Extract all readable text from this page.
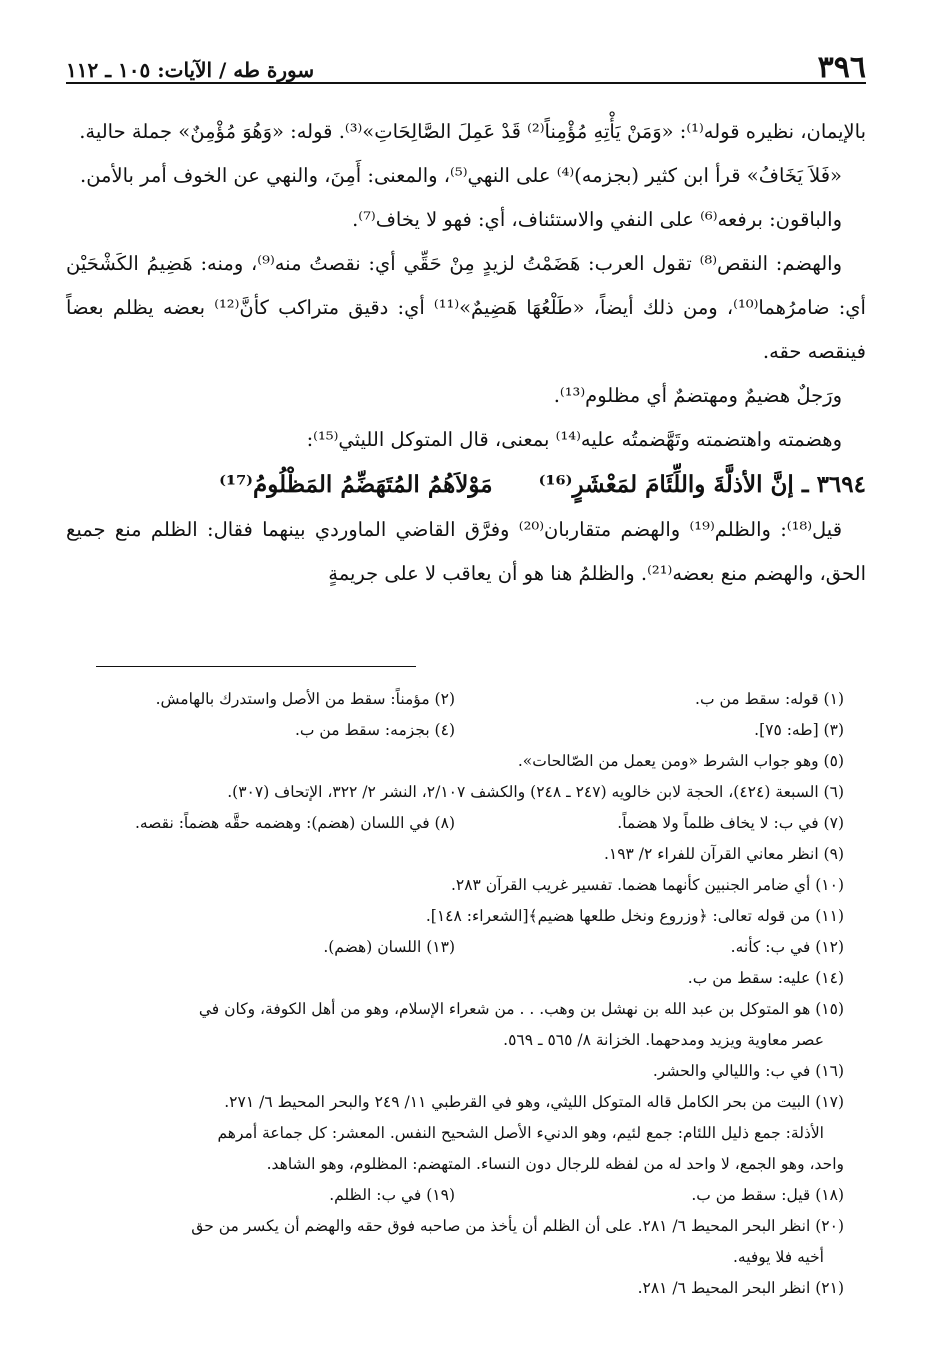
٣٩٦
سورة طه / الآيات: ١٠٥ ـ ١١٢

بالإيمان، نظيره قوله⁽¹⁾: «وَمَنْ يَأْتِهِ مُؤْمِناً⁽²⁾ قَدْ عَمِلَ الصَّالِحَاتِ»⁽³⁾. قوله: «وَهُوَ مُؤْمِنٌ» جملة حالية.

«فَلاَ يَخَافُ» قرأ ابن كثير (بجزمه)⁽⁴⁾ على النهي⁽⁵⁾، والمعنى: أَمِنَ، والنهي عن الخوف أمر بالأمن.

والباقون: برفعه⁽⁶⁾ على النفي والاستئناف، أي: فهو لا يخاف⁽⁷⁾.

والهضم: النقص⁽⁸⁾ تقول العرب: هَضَمْتُ لزيدٍ مِنْ حَقِّي أي: نقصتُ منه⁽⁹⁾، ومنه: هَضِيمُ الكَشْحَيْن أي: ضامرُهما⁽¹⁰⁾، ومن ذلك أيضاً، «طَلْعُهَا هَضِيمٌ»⁽¹¹⁾ أي: دقيق متراكب كأنَّ⁽¹²⁾ بعضه يظلم بعضاً فينقصه حقه.

ورَجلٌ هضيمٌ ومهتضمٌ أي مظلوم⁽¹³⁾.

وهضمته واهتضمته وتَهَّضمتُه عليه⁽¹⁴⁾ بمعنى، قال المتوكل الليثي⁽¹⁵⁾:

٣٦٩٤ ـ إنَّ الأذلَّةَ واللِّئَامَ لمَعْشَرٍ⁽¹⁶⁾  مَوْلاَهُمُ المُتَهَضِّمُ المَظْلُومُ⁽¹⁷⁾

قيل⁽¹⁸⁾: والظلم⁽¹⁹⁾ والهضم متقاربان⁽²⁰⁾ وفرَّق القاضي الماوردي بينهما فقال: الظلم منع جميع الحق، والهضم منع بعضه⁽²¹⁾. والظلمُ هنا هو أن يعاقب لا على جريمةٍ

(١) قوله: سقط من ب.
(٢) مؤمناً: سقط من الأصل واستدرك بالهامش.
(٣) [طه: ٧٥].
(٤) بجزمه: سقط من ب.

(٥) وهو جواب الشرط «ومن يعمل من الصّالحات».

(٦) السبعة (٤٢٤)، الحجة لابن خالويه (٢٤٧ ـ ٢٤٨) والكشف ٢/١٠٧، النشر ٢/ ٣٢٢، الإتحاف (٣٠٧).

(٧) في ب: لا يخاف ظلماً ولا هضماً.
(٨) في اللسان (هضم): وهضمه حقَّه هضماً: نقصه.

(٩) انظر معاني القرآن للفراء ٢/ ١٩٣.

(١٠) أي ضامر الجنبين كأنهما هضما. تفسير غريب القرآن ٢٨٣.

(١١) من قوله تعالى: ﴿وزروع ونخل طلعها هضيم﴾[الشعراء: ١٤٨].

(١٢) في ب: كأنه.
(١٣) اللسان (هضم).

(١٤) عليه: سقط من ب.

(١٥) هو المتوكل بن عبد الله بن نهشل بن وهب. . . من شعراء الإسلام، وهو من أهل الكوفة، وكان في

عصر معاوية ويزيد ومدحهما. الخزانة ٨/ ٥٦٥ ـ ٥٦٩.

(١٦) في ب: والليالي والحشر.

(١٧) البيت من بحر الكامل قاله المتوكل الليثي، وهو في القرطبي ١١/ ٢٤٩ والبحر المحيط ٦/ ٢٧١.

الأذلة: جمع ذليل اللئام: جمع لئيم، وهو الدنيء الأصل الشحيح النفس. المعشر: كل جماعة أمرهم

واحد، وهو الجمع، لا واحد له من لفظه للرجال دون النساء. المتهضم: المظلوم، وهو الشاهد.

(١٨) قيل: سقط من ب.
(١٩) في ب: الظلم.

(٢٠) انظر البحر المحيط ٦/ ٢٨١. على أن الظلم أن يأخذ من صاحبه فوق حقه والهضم أن يكسر من حق

أخيه فلا يوفيه.

(٢١) انظر البحر المحيط ٦/ ٢٨١.
